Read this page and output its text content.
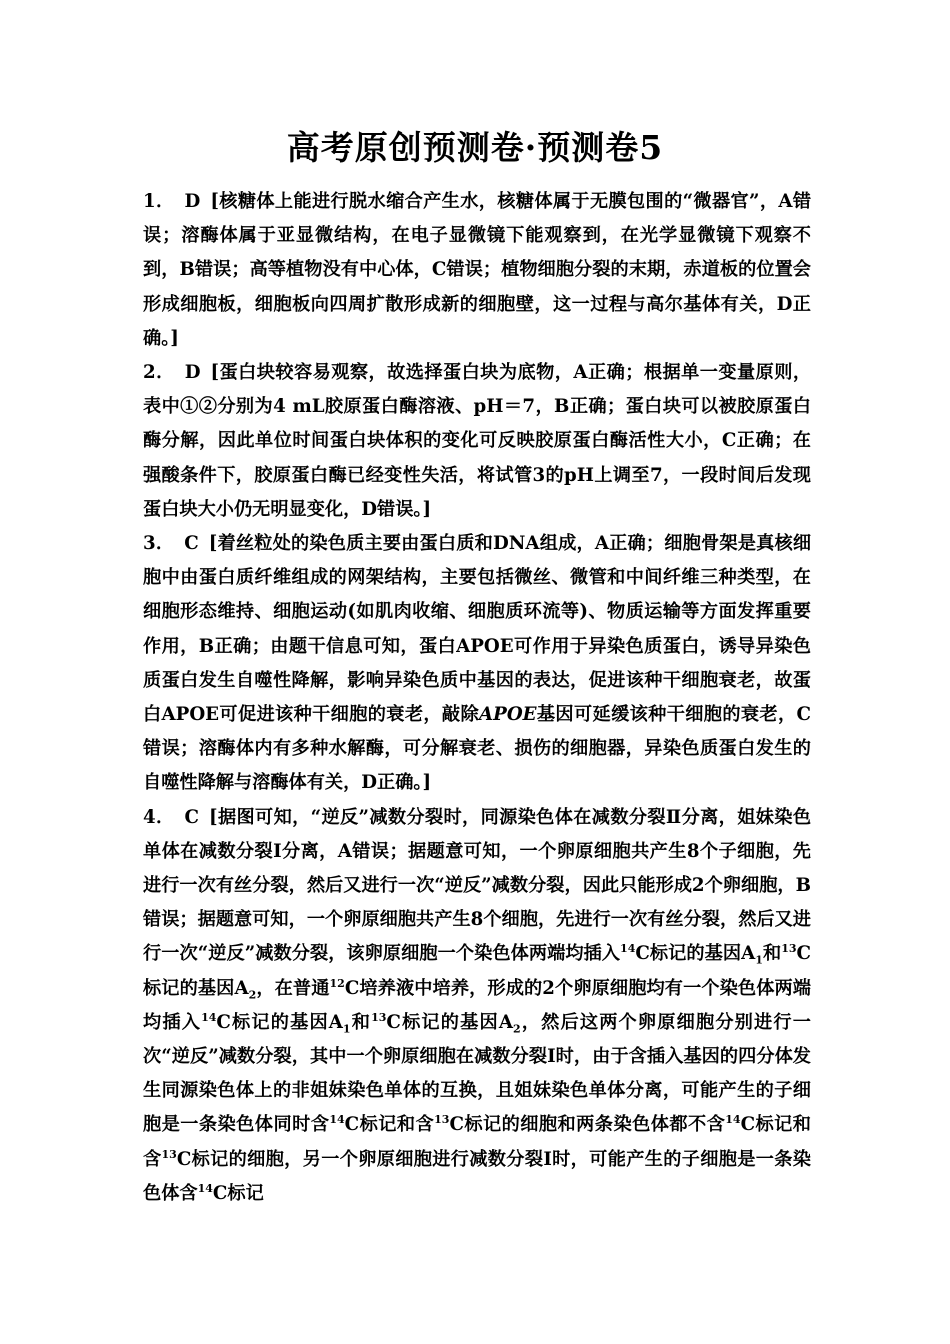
高考原创预测卷·预测卷5

1． D [核糖体上能进行脱水缩合产生水，核糖体属于无膜包围的“微器官”，A错误；溶酶体属于亚显微结构，在电子显微镜下能观察到，在光学显微镜下观察不到，B错误；高等植物没有中心体，C错误；植物细胞分裂的末期，赤道板的位置会形成细胞板，细胞板向四周扩散形成新的细胞壁，这一过程与高尔基体有关，D正确。]

2． D [蛋白块较容易观察，故选择蛋白块为底物，A正确；根据单一变量原则，表中①②分别为4 mL胶原蛋白酶溶液、pH＝7，B正确；蛋白块可以被胶原蛋白酶分解，因此单位时间蛋白块体积的变化可反映胶原蛋白酶活性大小，C正确；在强酸条件下，胶原蛋白酶已经变性失活，将试管3的pH上调至7，一段时间后发现蛋白块大小仍无明显变化，D错误。]

3． C [着丝粒处的染色质主要由蛋白质和DNA组成，A正确；细胞骨架是真核细胞中由蛋白质纤维组成的网架结构，主要包括微丝、微管和中间纤维三种类型，在细胞形态维持、细胞运动(如肌肉收缩、细胞质环流等)、物质运输等方面发挥重要作用，B正确；由题干信息可知，蛋白APOE可作用于异染色质蛋白，诱导异染色质蛋白发生自噬性降解，影响异染色质中基因的表达，促进该种干细胞衰老，故蛋白APOE可促进该种干细胞的衰老，敲除APOE基因可延缓该种干细胞的衰老，C错误；溶酶体内有多种水解酶，可分解衰老、损伤的细胞器，异染色质蛋白发生的自噬性降解与溶酶体有关，D正确。]

4． C [据图可知，“逆反”减数分裂时，同源染色体在减数分裂Ⅱ分离，姐妹染色单体在减数分裂Ⅰ分离，A错误；据题意可知，一个卵原细胞共产生8个子细胞，先进行一次有丝分裂，然后又进行一次“逆反”减数分裂，因此只能形成2个卵细胞，B错误；据题意可知，一个卵原细胞共产生8个细胞，先进行一次有丝分裂，然后又进行一次“逆反”减数分裂，该卵原细胞一个染色体两端均插入$^{14}$C标记的基因$A_1$和$^{13}$C标记的基因$A_2$，在普通$^{12}$C培养液中培养，形成的2个卵原细胞均有一个染色体两端均插入$^{14}$C标记的基因$A_1$和$^{13}$C标记的基因$A_2$，然后这两个卵原细胞分别进行一次“逆反”减数分裂，其中一个卵原细胞在减数分裂Ⅰ时，由于含插入基因的四分体发生同源染色体上的非姐妹染色单体的互换，且姐妹染色单体分离，可能产生的子细胞是一条染色体同时含$^{14}$C标记和含$^{13}$C标记的细胞和两条染色体都不含$^{14}$C标记和含$^{13}$C标记的细胞，另一个卵原细胞进行减数分裂Ⅰ时，可能产生的子细胞是一条染色体含$^{14}$C标记
